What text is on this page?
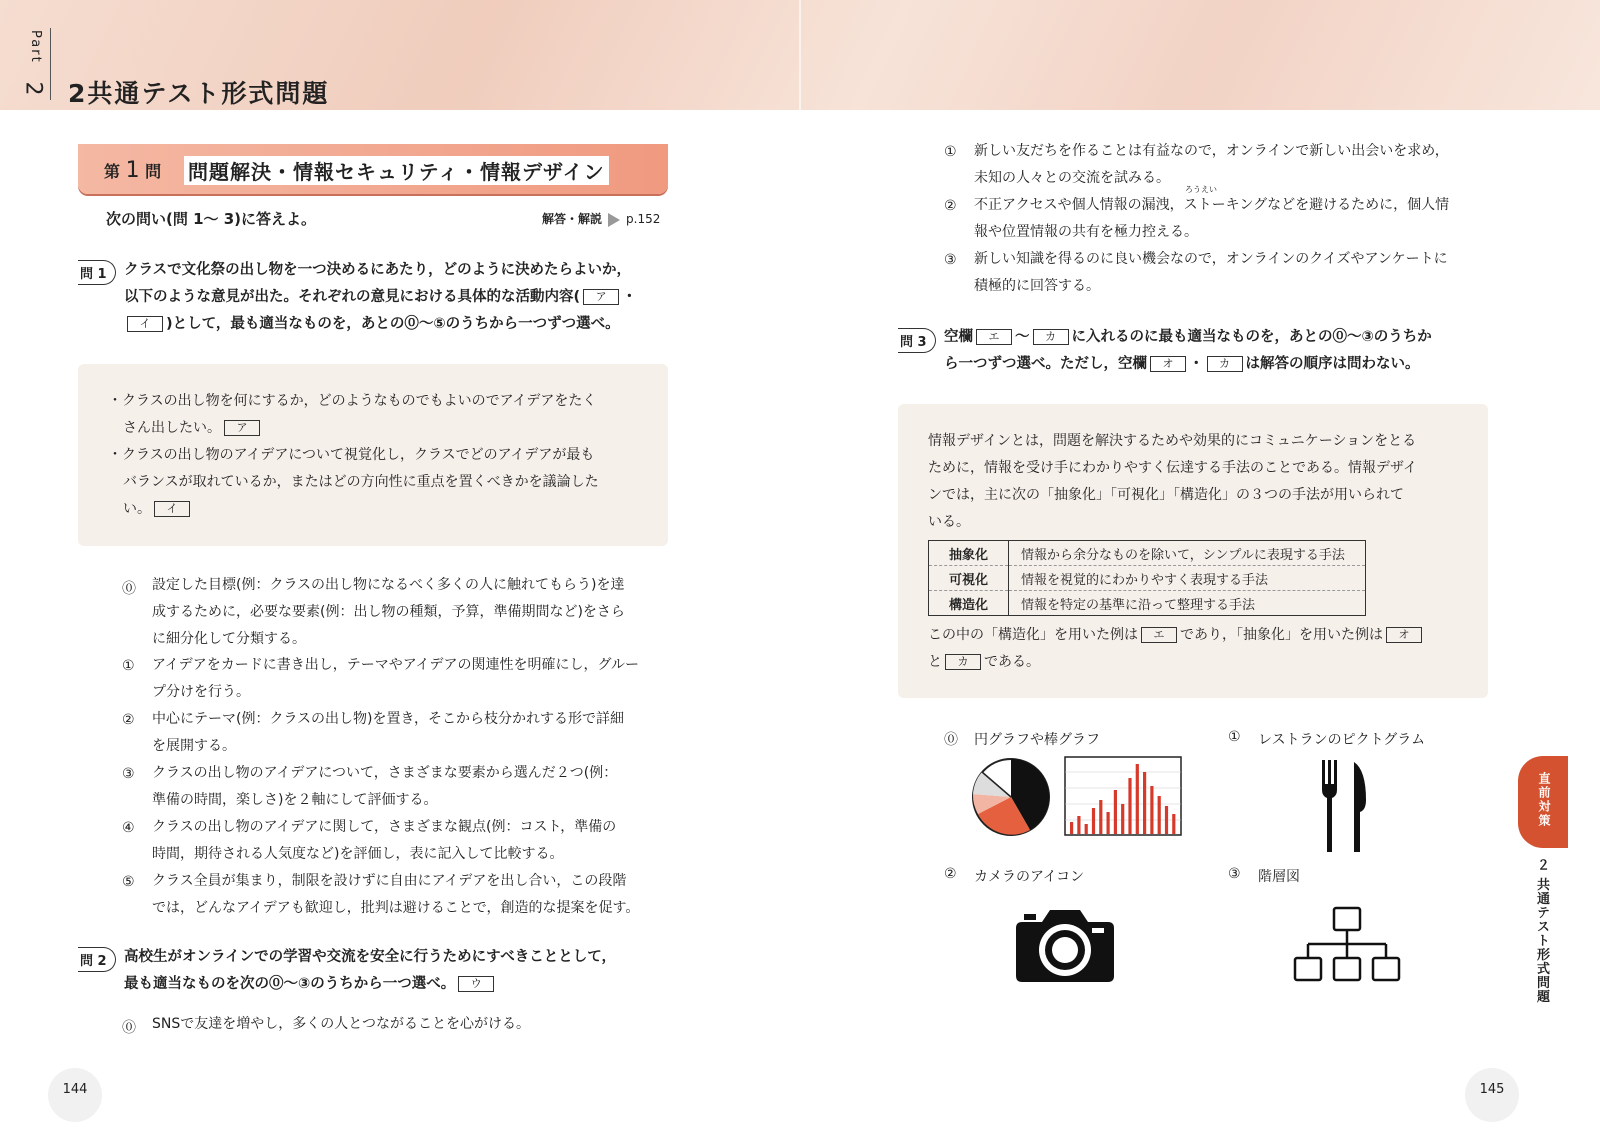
Part
2 2共通テスト形式問題
第 1 問 問題解決・情報セキュリティ・情報デザイン
次の問い(問 1〜 3)に答えよ。	解答・解説 p.152
問 1	クラスで文化祭の出し物を一つ決めるにあたり，どのように決めたらよいか，
以下のような意見が出た。それぞれの意見における具体的な活動内容( ア ・
イ )として，最も適当なものを，あとの⓪〜⑤のうちから一つずつ選べ。
・クラスの出し物を何にするか，どのようなものでもよいのでアイデアをたく
さん出したい。 ア
・クラスの出し物のアイデアについて視覚化し，クラスでどのアイデアが最も
バランスが取れているか，またはどの方向性に重点を置くべきかを議論した
い。 イ
⓪ 設定した目標(例：クラスの出し物になるべく多くの人に触れてもらう)を達
成するために，必要な要素(例：出し物の種類，予算，準備期間など)をさら
に細分化して分類する。
① アイデアをカードに書き出し，テーマやアイデアの関連性を明確にし，グルー
プ分けを行う。
② 中心にテーマ(例：クラスの出し物)を置き，そこから枝分かれする形で詳細
を展開する。
③ クラスの出し物のアイデアについて，さまざまな要素から選んだ２つ(例：
準備の時間，楽しさ)を２軸にして評価する。
④ クラスの出し物のアイデアに関して，さまざまな観点(例：コスト，準備の
時間，期待される人気度など)を評価し，表に記入して比較する。
⑤ クラス全員が集まり，制限を設けずに自由にアイデアを出し合い，この段階
では，どんなアイデアも歓迎し，批判は避けることで，創造的な提案を促す。
問 2	高校生がオンラインでの学習や交流を安全に行うためにすべきこととして，
最も適当なものを次の⓪〜③のうちから一つ選べ。 ウ
⓪ SNSで友達を増やし，多くの人とつながることを心がける。
144
① 新しい友だちを作ることは有益なので，オンラインで新しい出会いを求め，
未知の人々との交流を試みる。
② 不正アクセスや個人情報の漏洩，ストーキングなどを避けるために，個人情
報や位置情報の共有を極力控える。
③ 新しい知識を得るのに良い機会なので，オンラインのクイズやアンケートに
積極的に回答する。
ろうえい
問 3	空欄 エ 〜 カ に入れるのに最も適当なものを，あとの⓪〜③のうちか
ら一つずつ選べ。ただし，空欄 オ ・ カ は解答の順序は問わない。
情報デザインとは，問題を解決するためや効果的にコミュニケーションをとる
ために，情報を受け手にわかりやすく伝達する手法のことである。情報デザイ
ンでは，主に次の「抽象化」「可視化」「構造化」の３つの手法が用いられて
いる。
抽象化	情報から余分なものを除いて，シンプルに表現する手法
可視化	情報を視覚的にわかりやすく表現する手法
構造化	情報を特定の基準に沿って整理する手法
この中の「構造化」を用いた例は エ であり，「抽象化」を用いた例は オ
と カ である。
⓪ 円グラフや棒グラフ	① レストランのピクトグラム
② カメラのアイコン	③ 階層図
145
直前対策
２ 共通テスト形式問題
